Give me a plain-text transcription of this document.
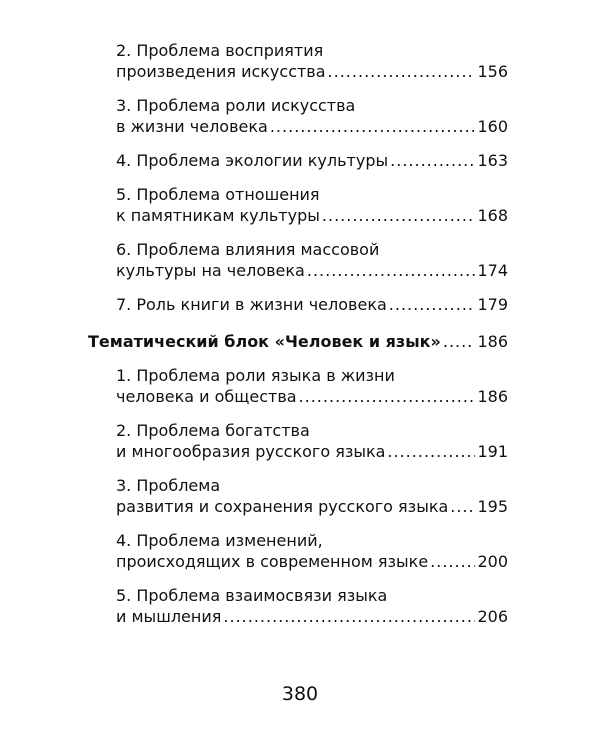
2. Проблема восприятия
произведения искусства .....	156
3. Проблема роли искусства
в жизни человека .....	160
4. Проблема экологии культуры .....	163
5. Проблема отношения
к памятникам культуры .....	168
6. Проблема влияния массовой
культуры на человека .....	174
7. Роль книги в жизни человека .....	179
Тематический блок «Человек и язык» ..... 186
1. Проблема роли языка в жизни
человека и общества .....	186
2. Проблема богатства
и многообразия русского языка .....	191
3. Проблема
развития и сохранения русского языка ..... 195
4. Проблема изменений,
происходящих в современном языке .....	200
5. Проблема взаимосвязи языка
и мышления .....	206
380
